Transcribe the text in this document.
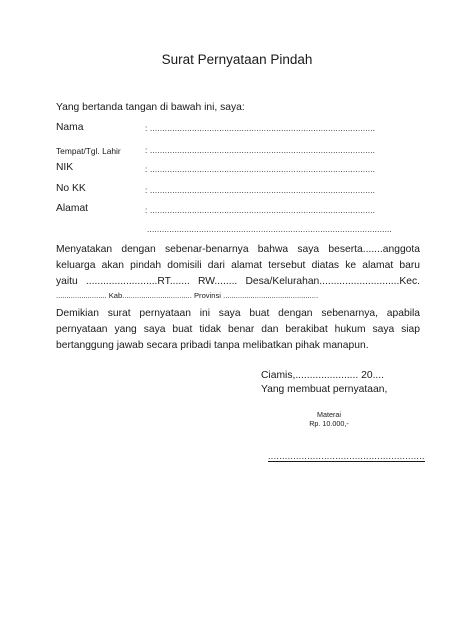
Surat Pernyataan Pindah
Yang bertanda tangan di bawah ini, saya:
Nama	: ...........................................................................................
Tempat/Tgl. Lahir	: ...........................................................................................
NIK	: ...........................................................................................
No KK	: ...........................................................................................
Alamat	: ...........................................................................................
...................................................................................................
Menyatakan dengan sebenar-benarnya bahwa saya beserta.......anggota
keluarga akan pindah domisili dari alamat tersebut diatas ke alamat baru
yaitu .........................RT....... RW........ Desa/Kelurahan............................Kec.
........................ Kab................................. Provinsi .............................................
Demikian surat pernyataan ini saya buat dengan sebenarnya, apabila
pernyataan yang saya buat tidak benar dan berakibat hukum saya siap
bertanggung jawab secara pribadi tanpa melibatkan pihak manapun.
Ciamis,...................... 20....
Yang membuat pernyataan,
Materai
Rp. 10.000,-
........................................................
